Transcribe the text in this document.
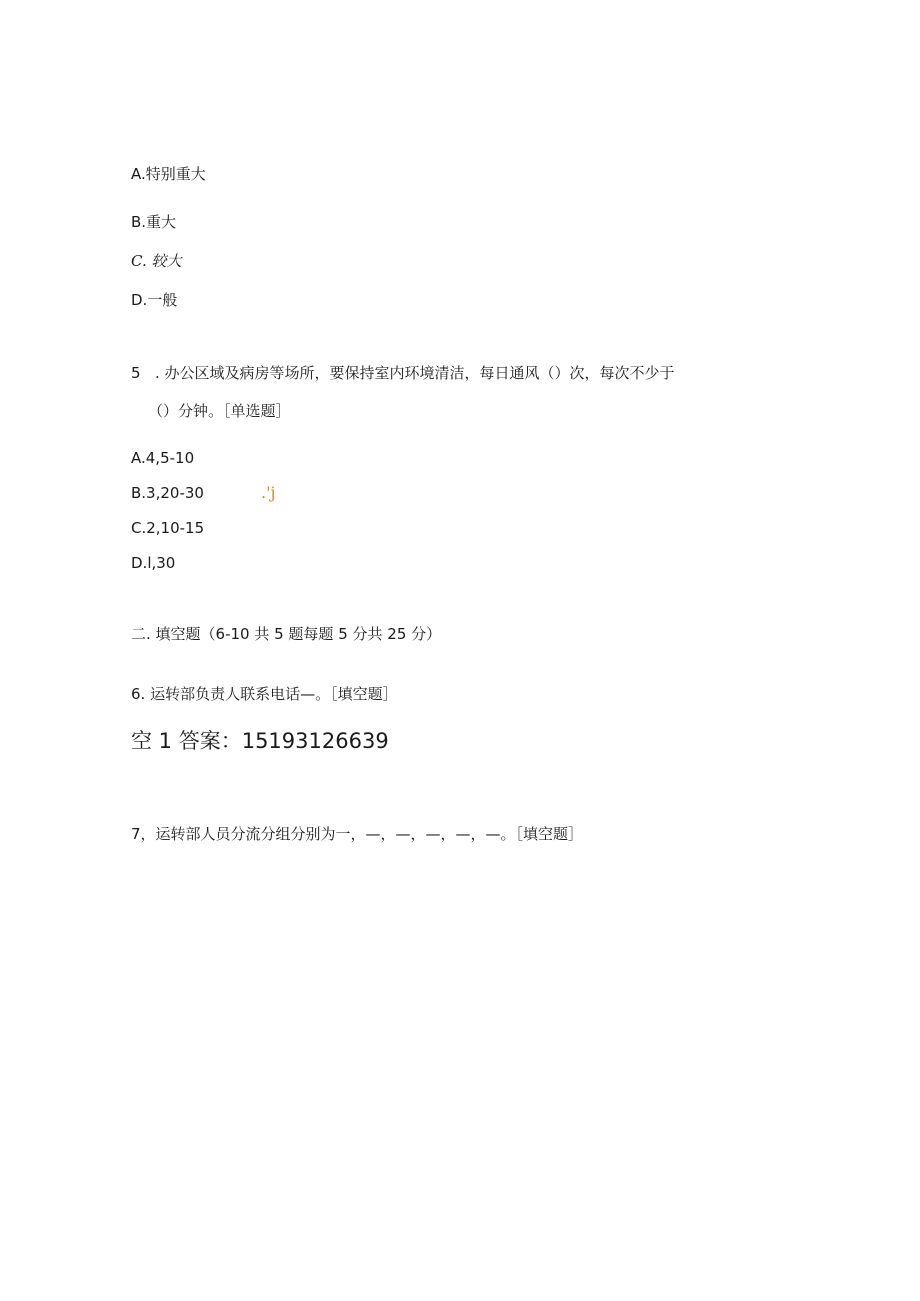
A.特别重大
B.重大
C. 较大
D.一般
5 . 办公区域及病房等场所，要保持室内环境清洁，每日通风（）次，每次不少于
（）分钟。［单选题］
A.4,5-10
B.3,20-30	.'j
C.2,10-15
D.l,30
二. 填空题（6-10 共 5 题每题 5 分共 25 分）
6. 运转部负责人联系电话—。［填空题］
空 1 答案：15193126639
7，运转部人员分流分组分别为一，—，—，—，—，—。［填空题］
